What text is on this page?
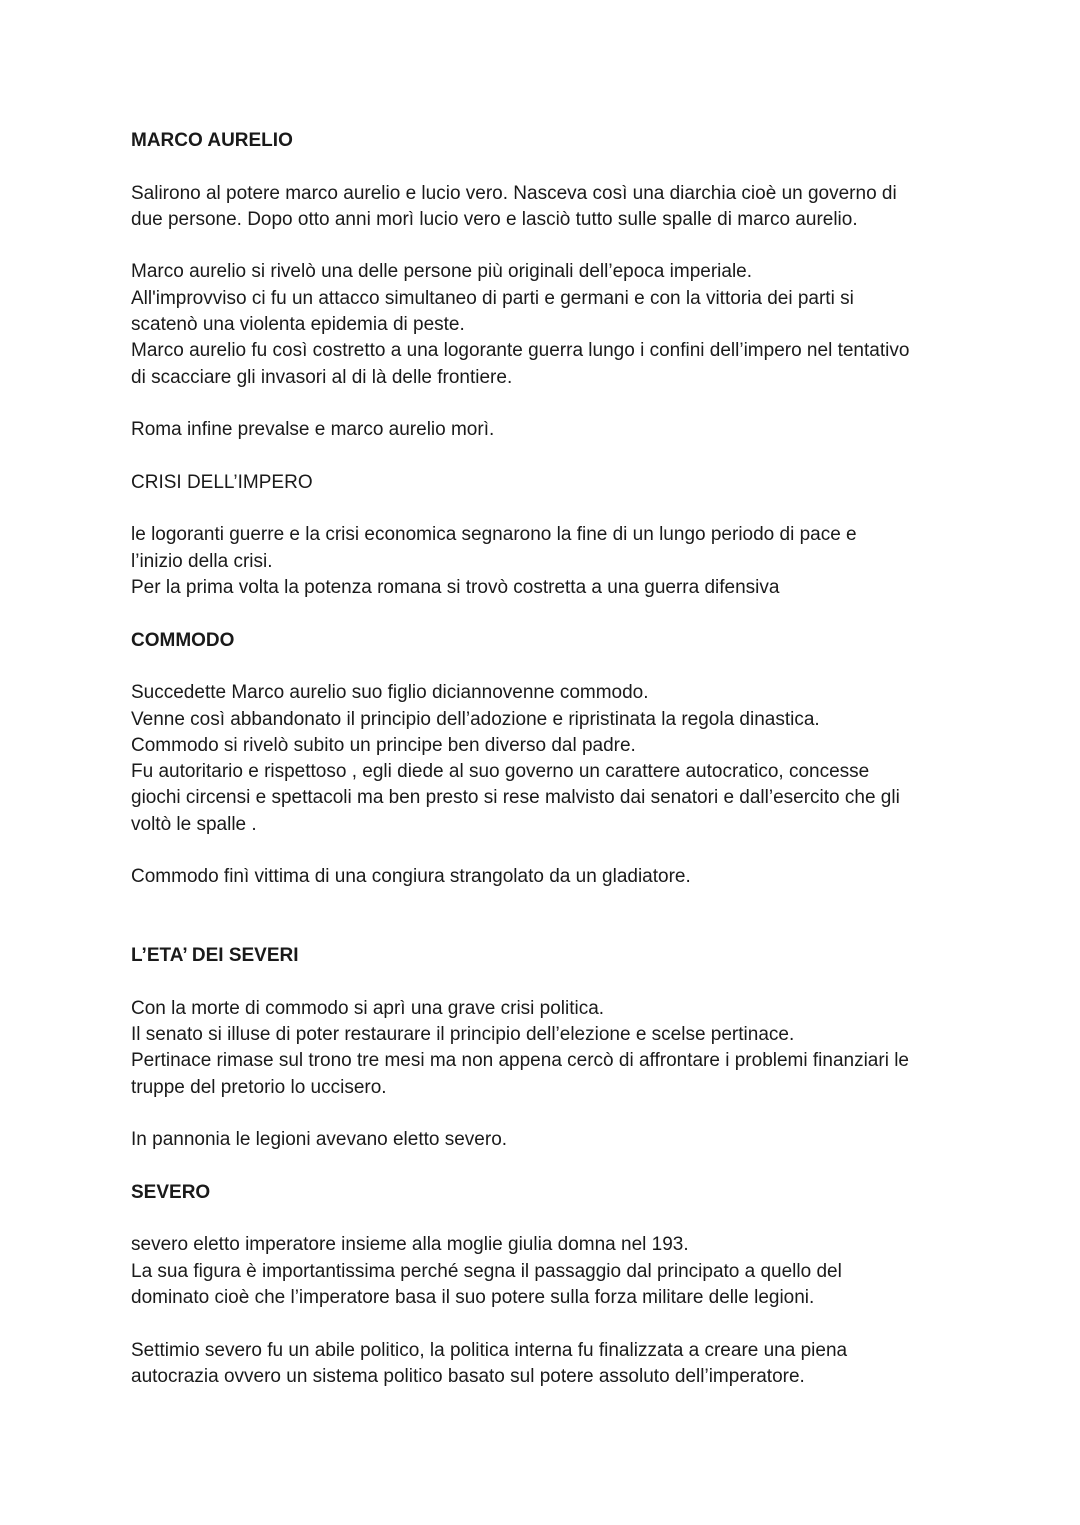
MARCO AURELIO

Salirono al potere marco aurelio e lucio vero. Nasceva così una diarchia cioè un governo di

due persone. Dopo otto anni morì lucio vero e lasciò tutto sulle spalle di marco aurelio.

Marco aurelio si rivelò una delle persone più originali dell’epoca imperiale.

All'improvviso ci fu un attacco simultaneo di parti e germani e con la vittoria dei parti si

scatenò una violenta epidemia di peste.

Marco aurelio fu così costretto a una logorante guerra lungo i confini dell’impero nel tentativo

di scacciare gli invasori al di là delle frontiere.

Roma infine prevalse e marco aurelio morì.

CRISI DELL’IMPERO

le logoranti guerre e la crisi economica segnarono la fine di un lungo periodo di pace e

l’inizio della crisi.

Per la prima volta la potenza romana si trovò costretta a una guerra difensiva

COMMODO

Succedette Marco aurelio suo figlio diciannovenne commodo.

Venne così abbandonato il principio dell’adozione e ripristinata la regola dinastica.

Commodo si rivelò subito un principe ben diverso dal padre.

Fu autoritario e rispettoso , egli diede al suo governo un carattere autocratico, concesse

giochi circensi e spettacoli ma ben presto si rese malvisto dai senatori e dall’esercito che gli

voltò le spalle .

Commodo finì vittima di una congiura strangolato da un gladiatore.

L’ETA’ DEI SEVERI

Con la morte di commodo si aprì una grave crisi politica.

Il senato si illuse di poter restaurare il principio dell’elezione e scelse pertinace.

Pertinace rimase sul trono tre mesi ma non appena cercò di affrontare i problemi finanziari le

truppe del pretorio lo uccisero.

In pannonia le legioni avevano eletto severo.

SEVERO

severo eletto imperatore insieme alla moglie giulia domna nel 193.

La sua figura è importantissima perché segna il passaggio dal principato a quello del

dominato cioè che l’imperatore basa il suo potere sulla forza militare delle legioni.

Settimio severo fu un abile politico, la politica interna fu finalizzata a creare una piena

autocrazia ovvero un sistema politico basato sul potere assoluto dell’imperatore.
